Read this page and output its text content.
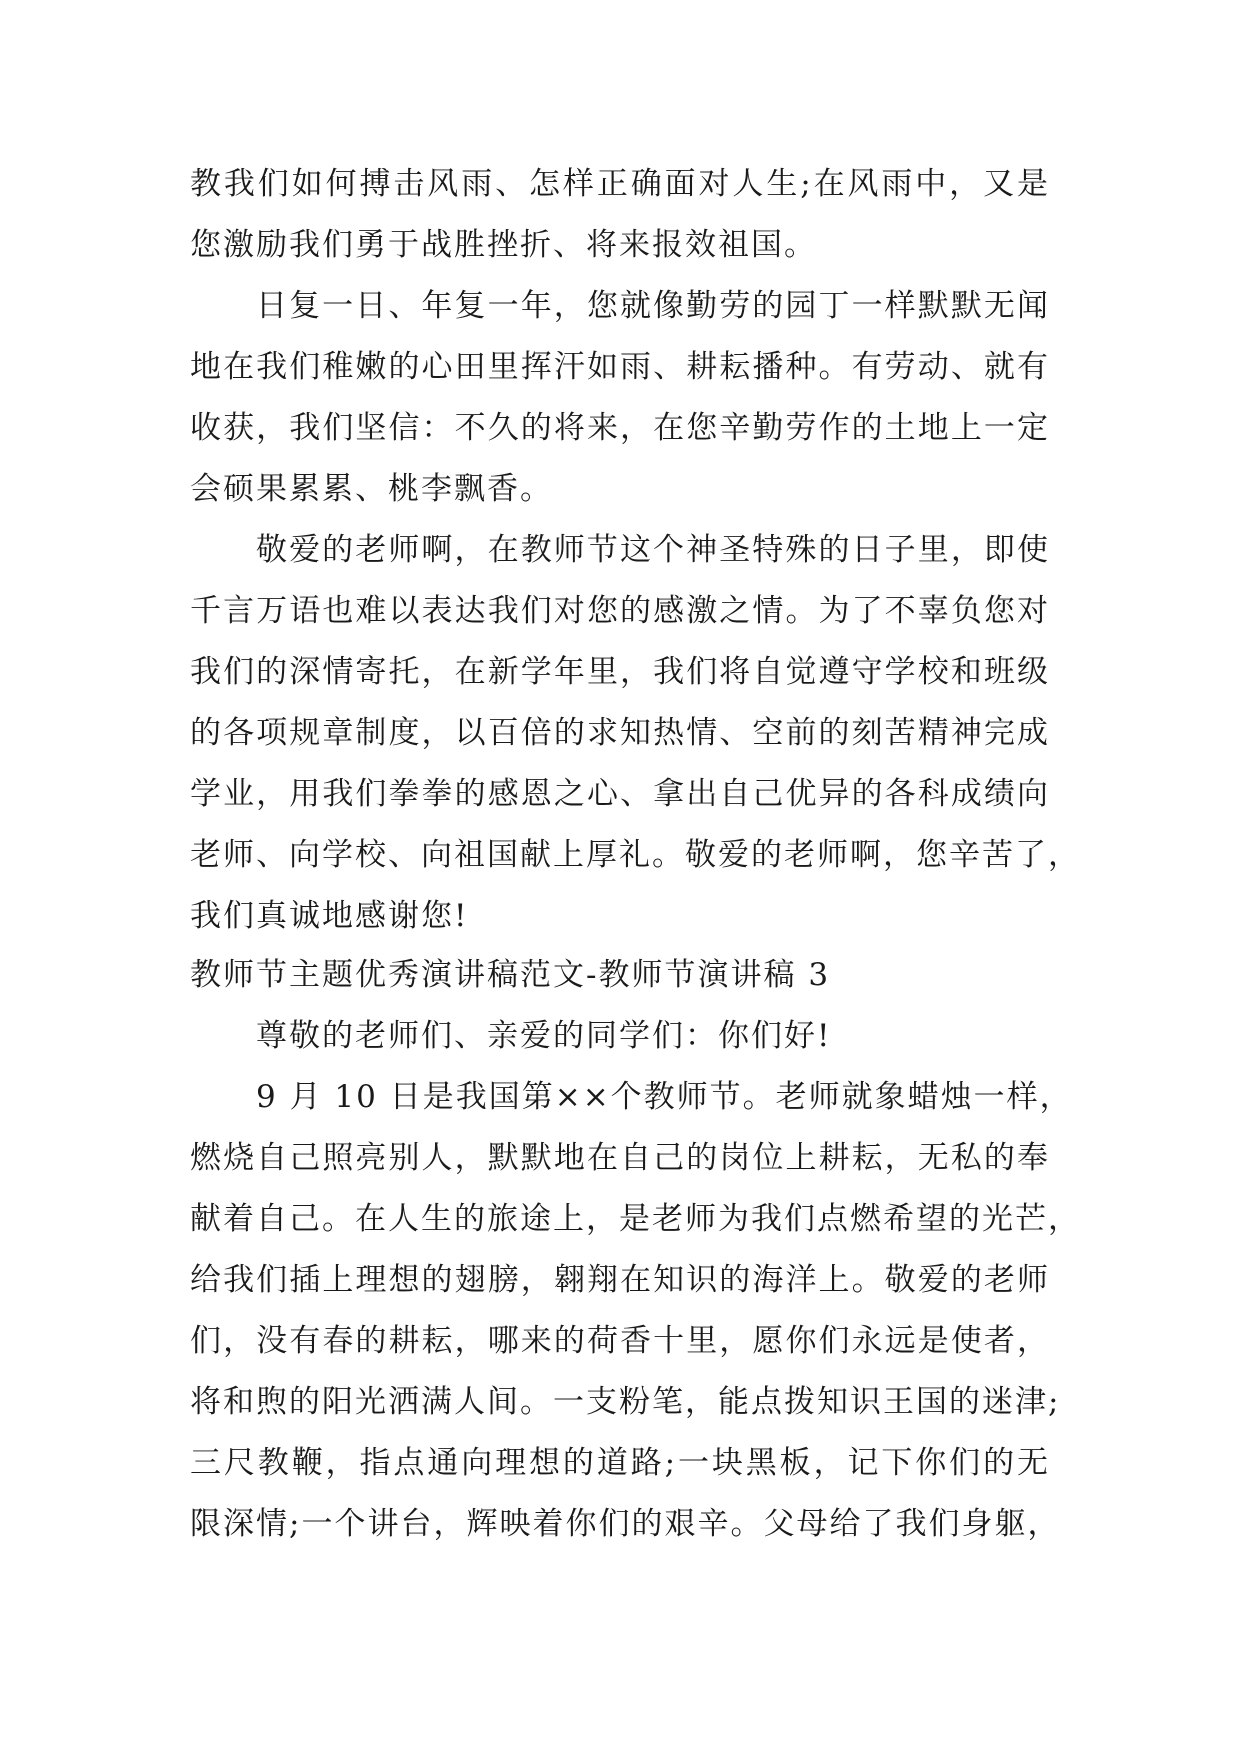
教我们如何搏击风雨、怎样正确面对人生;在风雨中，又是
您激励我们勇于战胜挫折、将来报效祖国。
日复一日、年复一年，您就像勤劳的园丁一样默默无闻
地在我们稚嫩的心田里挥汗如雨、耕耘播种。有劳动、就有
收获，我们坚信：不久的将来，在您辛勤劳作的土地上一定
会硕果累累、桃李飘香。
敬爱的老师啊，在教师节这个神圣特殊的日子里，即使
千言万语也难以表达我们对您的感激之情。为了不辜负您对
我们的深情寄托，在新学年里，我们将自觉遵守学校和班级
的各项规章制度，以百倍的求知热情、空前的刻苦精神完成
学业，用我们拳拳的感恩之心、拿出自己优异的各科成绩向
老师、向学校、向祖国献上厚礼。敬爱的老师啊，您辛苦了，
我们真诚地感谢您!
教师节主题优秀演讲稿范文-教师节演讲稿 3
尊敬的老师们、亲爱的同学们：你们好!
9 月 10 日是我国第××个教师节。老师就象蜡烛一样，
燃烧自己照亮别人，默默地在自己的岗位上耕耘，无私的奉
献着自己。在人生的旅途上，是老师为我们点燃希望的光芒，
给我们插上理想的翅膀，翱翔在知识的海洋上。敬爱的老师
们，没有春的耕耘，哪来的荷香十里，愿你们永远是使者，
将和煦的阳光洒满人间。一支粉笔，能点拨知识王国的迷津;
三尺教鞭，指点通向理想的道路;一块黑板，记下你们的无
限深情;一个讲台，辉映着你们的艰辛。父母给了我们身躯，
